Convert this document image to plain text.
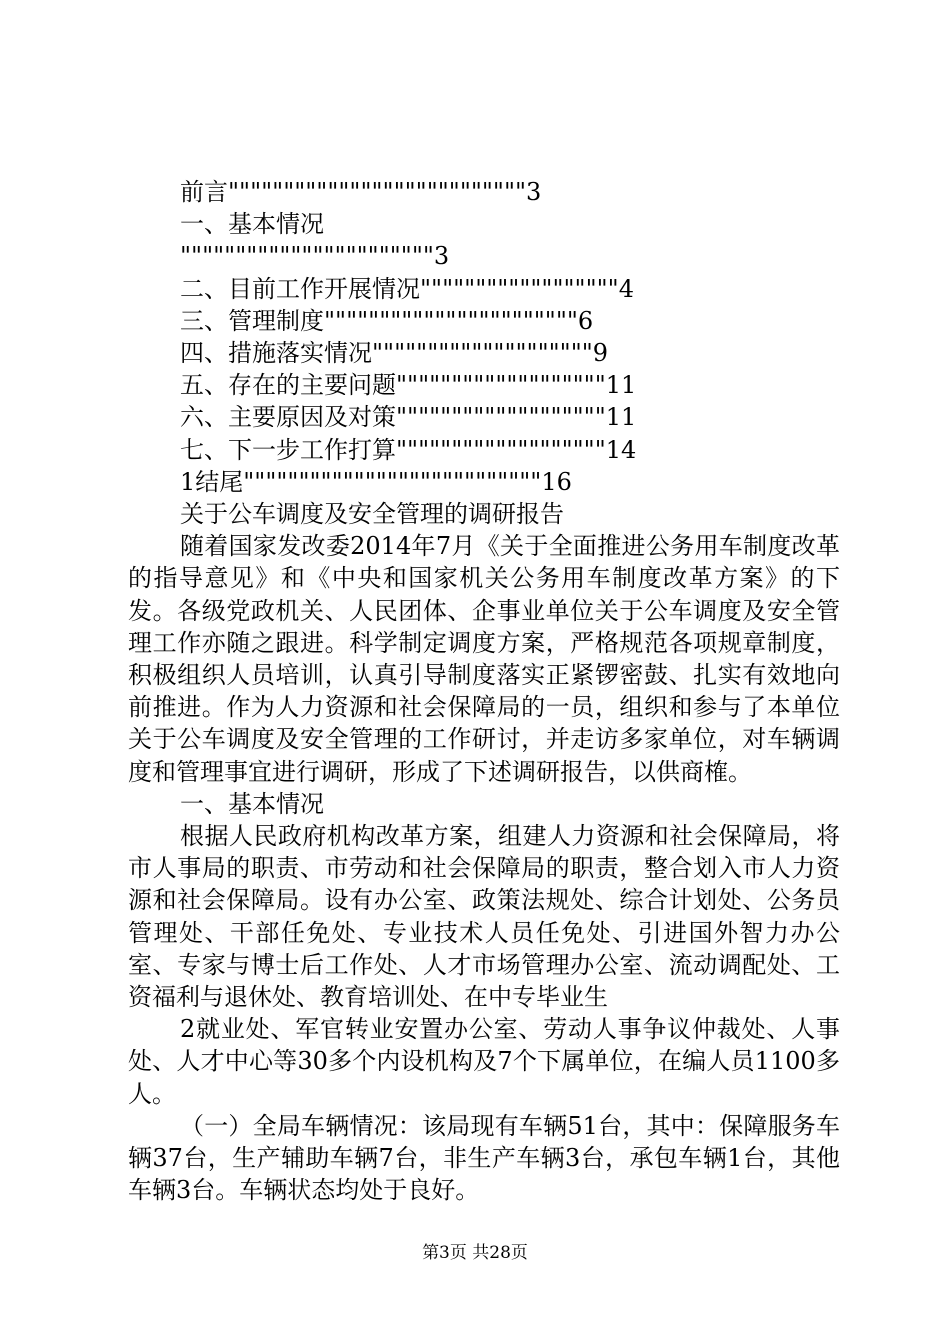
前言"""""""""""""""""""""""""""3
一、基本情况
"""""""""""""""""""""""3
二、目前工作开展情况""""""""""""""""""4
三、管理制度"""""""""""""""""""""""6
四、措施落实情况""""""""""""""""""""9
五、存在的主要问题"""""""""""""""""""11
六、主要原因及对策"""""""""""""""""""11
七、下一步工作打算"""""""""""""""""""14
1结尾"""""""""""""""""""""""""""16
关于公车调度及安全管理的调研报告

随着国家发改委2014年7月《关于全面推进公务用车制度改革的指导意见》和《中央和国家机关公务用车制度改革方案》的下发。各级党政机关、人民团体、企事业单位关于公车调度及安全管理工作亦随之跟进。科学制定调度方案，严格规范各项规章制度，积极组织人员培训，认真引导制度落实正紧锣密鼓、扎实有效地向前推进。作为人力资源和社会保障局的一员，组织和参与了本单位关于公车调度及安全管理的工作研讨，并走访多家单位，对车辆调度和管理事宜进行调研，形成了下述调研报告，以供商榷。

一、基本情况

根据人民政府机构改革方案，组建人力资源和社会保障局，将市人事局的职责、市劳动和社会保障局的职责，整合划入市人力资源和社会保障局。设有办公室、政策法规处、综合计划处、公务员管理处、干部任免处、专业技术人员任免处、引进国外智力办公室、专家与博士后工作处、人才市场管理办公室、流动调配处、工资福利与退休处、教育培训处、在中专毕业生

2就业处、军官转业安置办公室、劳动人事争议仲裁处、人事处、人才中心等30多个内设机构及7个下属单位，在编人员1100多人。

（一）全局车辆情况：该局现有车辆51台，其中：保障服务车辆37台，生产辅助车辆7台，非生产车辆3台，承包车辆1台，其他车辆3台。车辆状态均处于良好。

第3页 共28页
